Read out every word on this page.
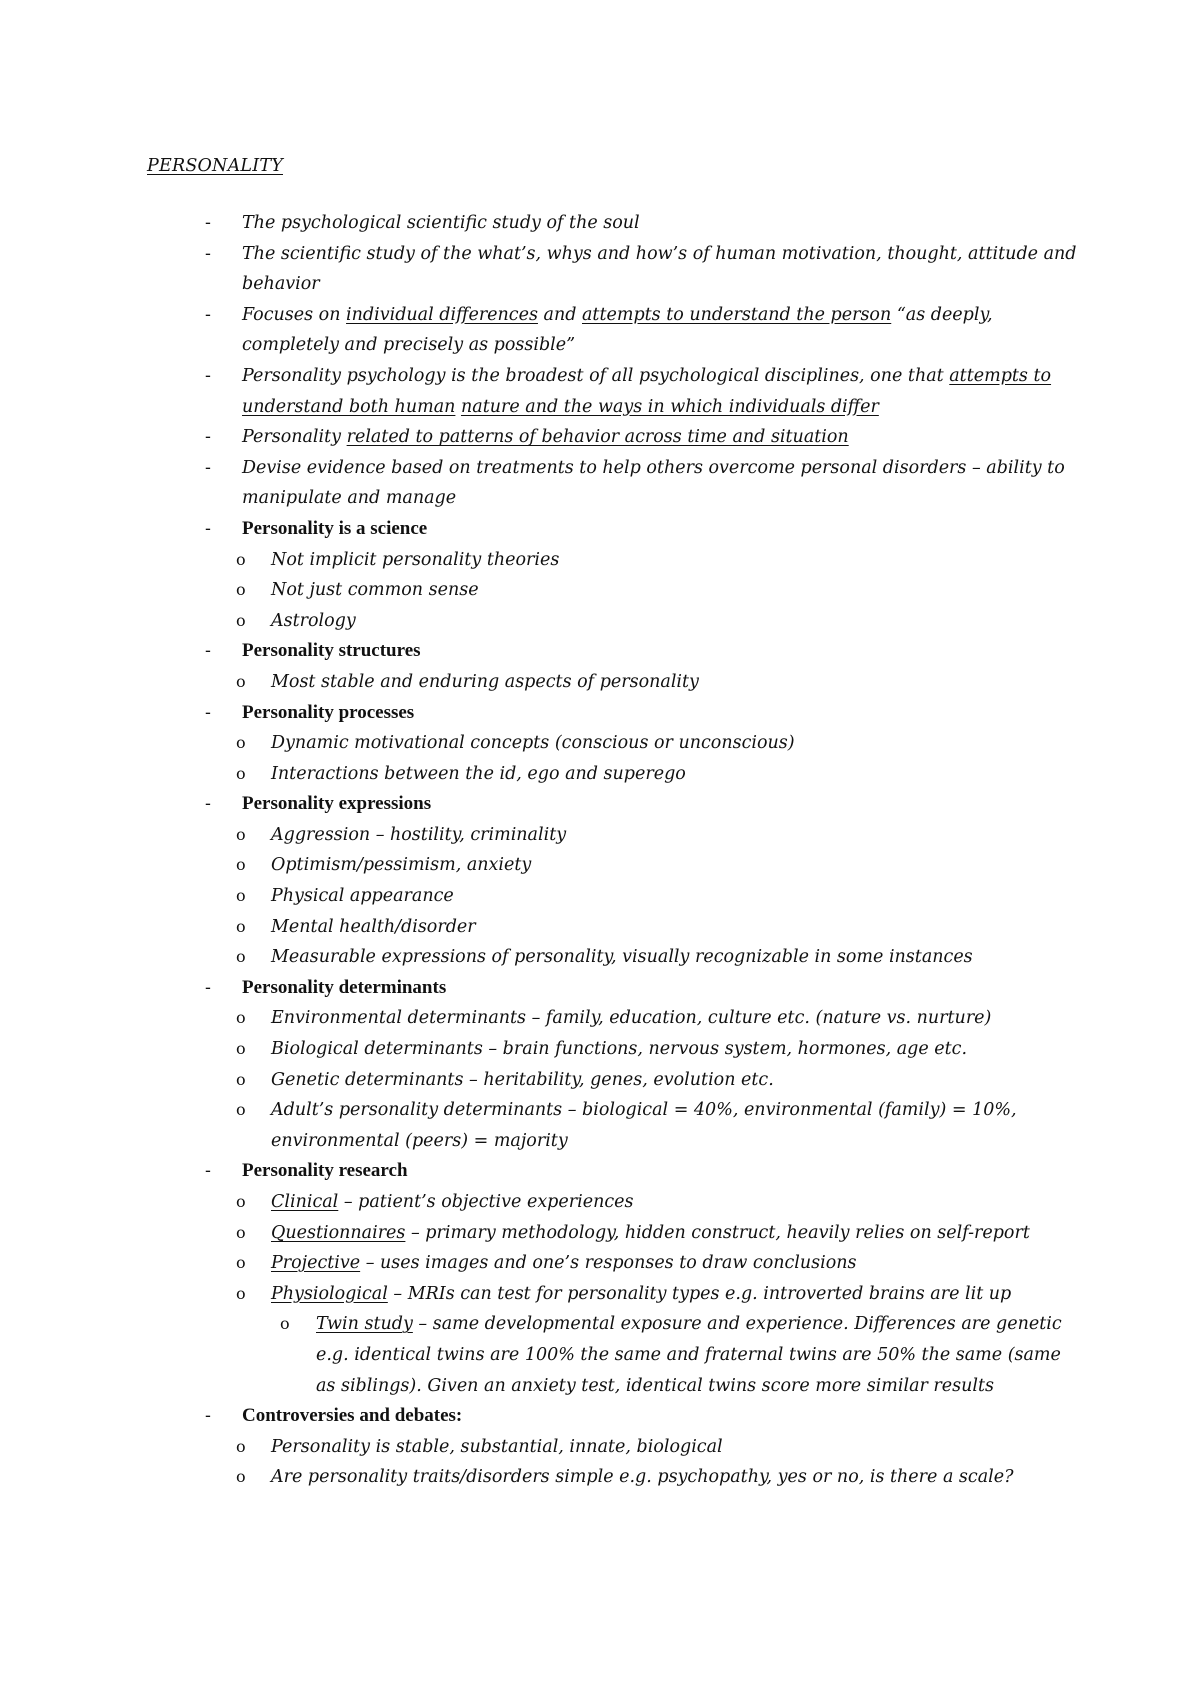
PERSONALITY
- The psychological scientific study of the soul
- The scientific study of the what’s, whys and how’s of human motivation, thought, attitude and behavior
- Focuses on individual differences and attempts to understand the person “as deeply, completely and precisely as possible”
- Personality psychology is the broadest of all psychological disciplines, one that attempts to understand both human nature and the ways in which individuals differ
- Personality related to patterns of behavior across time and situation
- Devise evidence based on treatments to help others overcome personal disorders – ability to manipulate and manage
- Personality is a science
o Not implicit personality theories
o Not just common sense
o Astrology
- Personality structures
o Most stable and enduring aspects of personality
- Personality processes
o Dynamic motivational concepts (conscious or unconscious)
o Interactions between the id, ego and superego
- Personality expressions
o Aggression – hostility, criminality
o Optimism/pessimism, anxiety
o Physical appearance
o Mental health/disorder
o Measurable expressions of personality, visually recognizable in some instances
- Personality determinants
o Environmental determinants – family, education, culture etc. (nature vs. nurture)
o Biological determinants – brain functions, nervous system, hormones, age etc.
o Genetic determinants – heritability, genes, evolution etc.
o Adult’s personality determinants – biological = 40%, environmental (family) = 10%, environmental (peers) = majority
- Personality research
o Clinical – patient’s objective experiences
o Questionnaires – primary methodology, hidden construct, heavily relies on self-report
o Projective – uses images and one’s responses to draw conclusions
o Physiological – MRIs can test for personality types e.g. introverted brains are lit up
o Twin study – same developmental exposure and experience. Differences are genetic e.g. identical twins are 100% the same and fraternal twins are 50% the same (same as siblings). Given an anxiety test, identical twins score more similar results
- Controversies and debates:
o Personality is stable, substantial, innate, biological
o Are personality traits/disorders simple e.g. psychopathy, yes or no, is there a scale?
